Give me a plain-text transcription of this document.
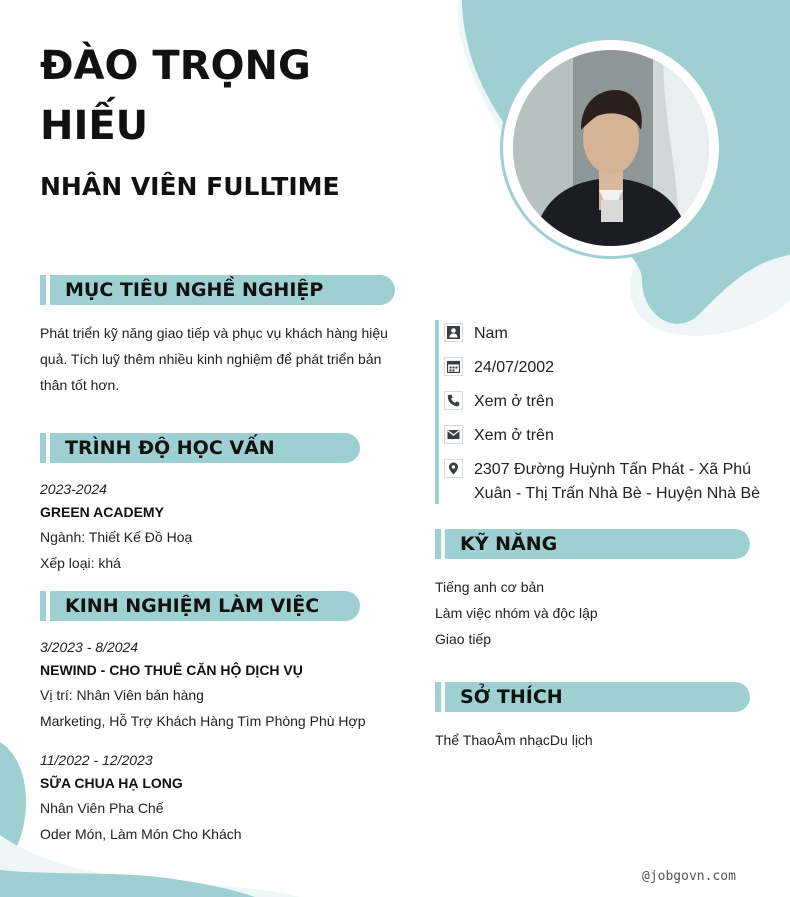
ĐÀO TRỌNG HIẾU
NHÂN VIÊN FULLTIME
MỤC TIÊU NGHỀ NGHIỆP
Phát triển kỹ năng giao tiếp và phục vụ khách hàng hiệu quả. Tích luỹ thêm nhiều kinh nghiệm để phát triển bản thân tốt hơn.
TRÌNH ĐỘ HỌC VẤN
2023-2024
GREEN ACADEMY
Ngành: Thiết Kế Đồ Hoạ
Xếp loại: khá
KINH NGHIỆM LÀM VIỆC
3/2023 - 8/2024
NEWIND - CHO THUÊ CĂN HỘ DỊCH VỤ
Vị trí: Nhân Viên bán hàng
Marketing, Hỗ Trợ Khách Hàng Tìm Phòng Phù Hợp
11/2022 - 12/2023
SỮA CHUA HẠ LONG
Nhân Viên Pha Chế
Oder Món, Làm Món Cho Khách
Nam
24/07/2002
Xem ở trên
Xem ở trên
2307 Đường Huỳnh Tấn Phát - Xã Phú Xuân - Thị Trấn Nhà Bè - Huyện Nhà Bè
KỸ NĂNG
Tiếng anh cơ bản
Làm việc nhóm và độc lập
Giao tiếp
SỞ THÍCH
Thể ThaoÂm nhạcDu lịch
@jobgovn.com
